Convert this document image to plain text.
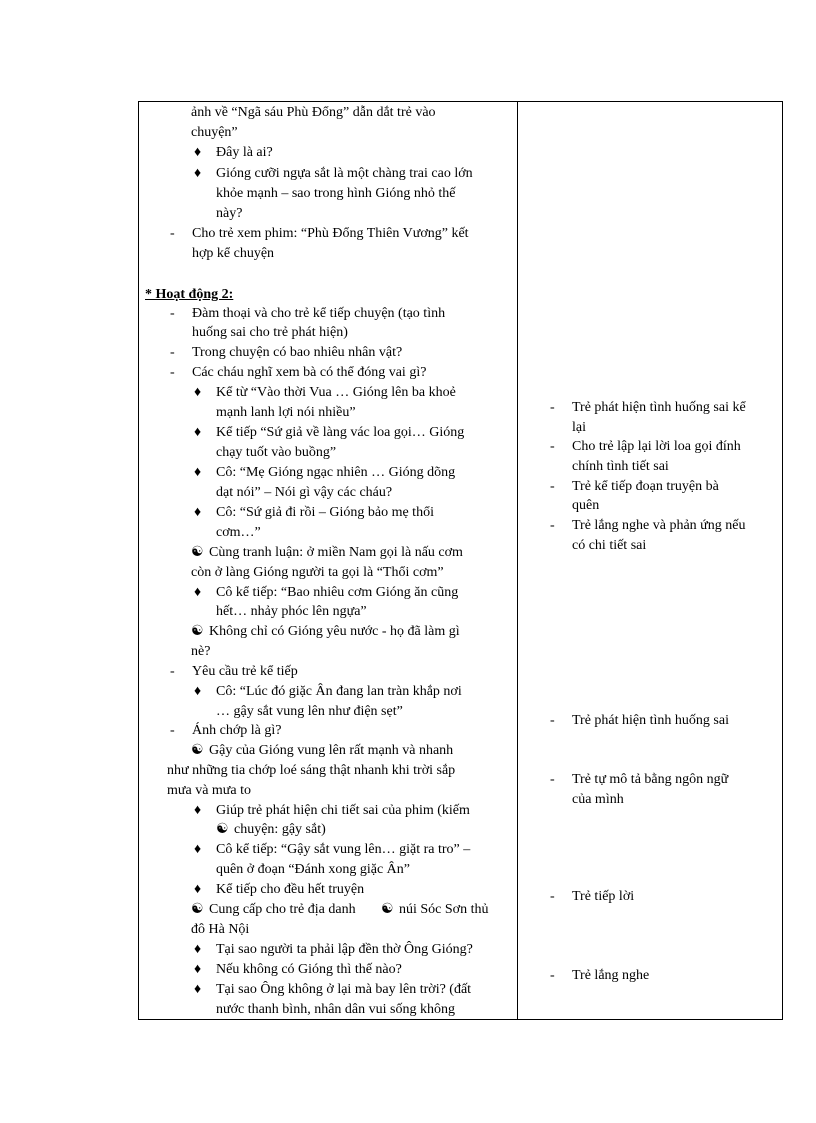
ảnh về “Ngã sáu Phù Đổng” dẫn dắt trẻ vào
chuyện”
♦ Đây là ai?
♦ Gióng cưỡi ngựa sắt là một chàng trai cao lớn
khỏe mạnh – sao trong hình Gióng nhỏ thế
này?
- Cho trẻ xem phim: “Phù Đổng Thiên Vương” kết
hợp kể chuyện
* Hoạt động 2:
- Đàm thoại và cho trẻ kể tiếp chuyện (tạo tình
huống sai cho trẻ phát hiện)
- Trong chuyện có bao nhiêu nhân vật?
- Các cháu nghĩ xem bà có thể đóng vai gì?
♦ Kể từ “Vào thời Vua … Gióng lên ba khoẻ
mạnh lanh lợi nói nhiều”
♦ Kể tiếp “Sứ giả về làng vác loa gọi… Gióng
chạy tuốt vào buồng”
♦ Cô: “Mẹ Gióng ngạc nhiên … Gióng dõng
dạt nói” – Nói gì vậy các cháu?
♦ Cô: “Sứ giả đi rồi – Gióng bảo mẹ thổi
cơm…”
☯ Cùng tranh luận: ở miền Nam gọi là nấu cơm
còn ở làng Gióng người ta gọi là “Thổi cơm”
♦ Cô kể tiếp: “Bao nhiêu cơm Gióng ăn cũng
hết… nhảy phóc lên ngựa”
☯ Không chỉ có Gióng yêu nước - họ đã làm gì
nè?
- Yêu cầu trẻ kể tiếp
♦ Cô: “Lúc đó giặc Ân đang lan tràn khắp nơi
… gậy sắt vung lên như điện sẹt”
- Ánh chớp là gì?
☯ Gậy của Gióng vung lên rất mạnh và nhanh
như những tia chớp loé sáng thật nhanh khi trời sắp
mưa và mưa to
♦ Giúp trẻ phát hiện chi tiết sai của phim (kiếm
☯ chuyện: gậy sắt)
♦ Cô kể tiếp: “Gậy sắt vung lên… giặt ra tro” –
quên ở đoạn “Đánh xong giặc Ân”
♦ Kể tiếp cho đều hết truyện
☯ Cung cấp cho trẻ địa danh ☯ núi Sóc Sơn thủ
đô Hà Nội
♦ Tại sao người ta phải lập đền thờ Ông Gióng?
♦ Nếu không có Gióng thì thế nào?
♦ Tại sao Ông không ở lại mà bay lên trời? (đất
nước thanh bình, nhân dân vui sống không
- Trẻ phát hiện tình huống sai kể
lại
- Cho trẻ lập lại lời loa gọi đính
chính tình tiết sai
- Trẻ kể tiếp đoạn truyện bà
quên
- Trẻ lắng nghe và phản ứng nếu
có chi tiết sai
- Trẻ phát hiện tình huống sai
- Trẻ tự mô tả bằng ngôn ngữ
của mình
- Trẻ tiếp lời
- Trẻ lắng nghe
